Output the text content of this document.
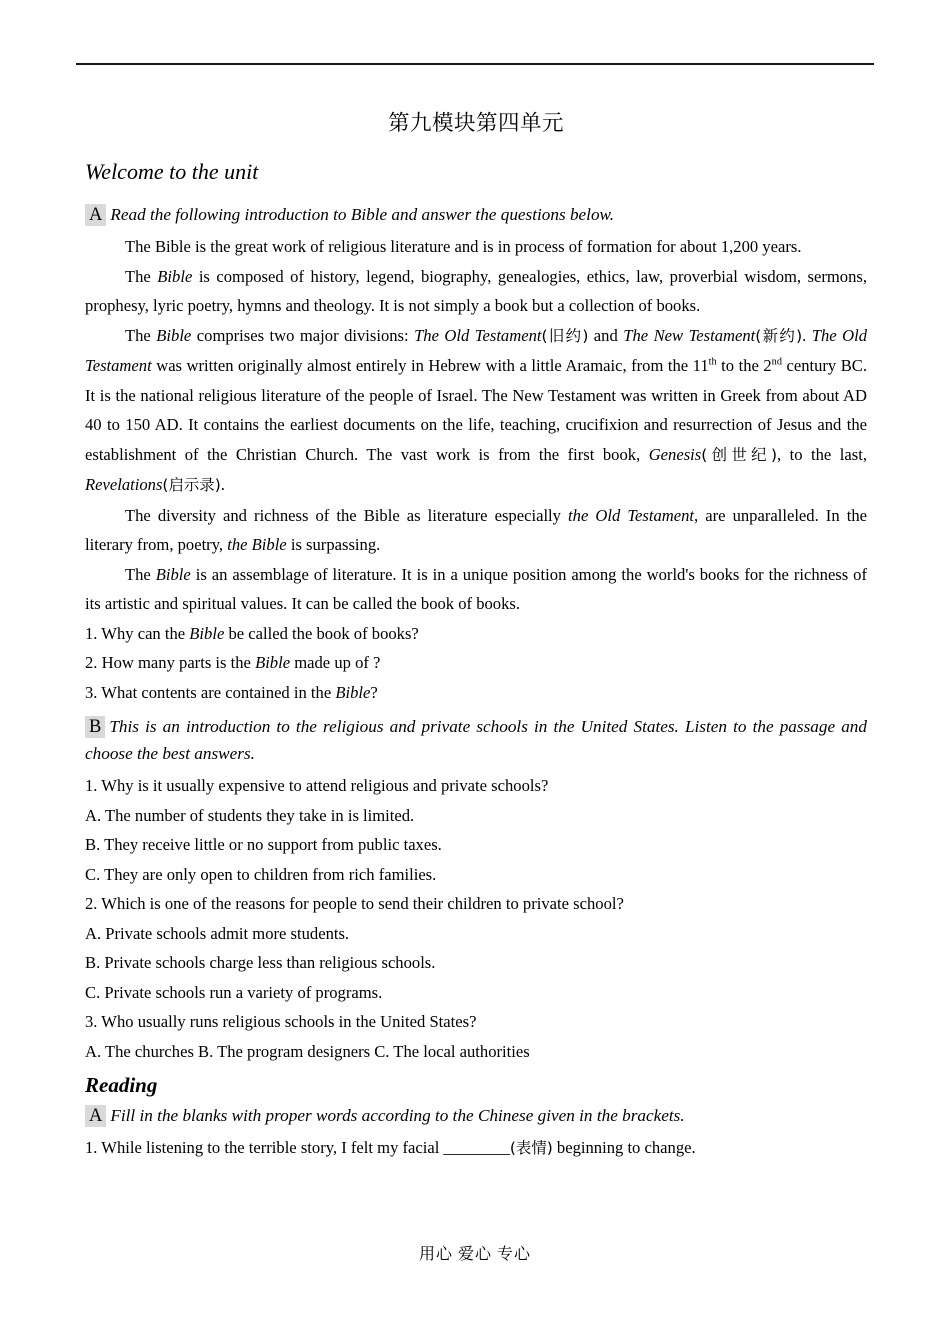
第九模块第四单元
Welcome to the unit
A Read the following introduction to Bible and answer the questions below.

The Bible is the great work of religious literature and is in process of formation for about 1,200 years.

The Bible is composed of history, legend, biography, genealogies, ethics, law, proverbial wisdom, sermons, prophesy, lyric poetry, hymns and theology. It is not simply a book but a collection of books.

The Bible comprises two major divisions: The Old Testament(旧约) and The New Testament(新约). The Old Testament was written originally almost entirely in Hebrew with a little Aramaic, from the 11th to the 2nd century BC. It is the national religious literature of the people of Israel. The New Testament was written in Greek from about AD 40 to 150 AD. It contains the earliest documents on the life, teaching, crucifixion and resurrection of Jesus and the establishment of the Christian Church. The vast work is from the first book, Genesis(创世纪), to the last, Revelations(启示录).

The diversity and richness of the Bible as literature especially the Old Testament, are unparalleled. In the literary from, poetry, the Bible is surpassing.

The Bible is an assemblage of literature. It is in a unique position among the world's books for the richness of its artistic and spiritual values. It can be called the book of books.

1. Why can the Bible be called the book of books?

2. How many parts is the Bible made up of ?

3. What contents are contained in the Bible?

B This is an introduction to the religious and private schools in the United States. Listen to the passage and choose the best answers.

1. Why is it usually expensive to attend religious and private schools?

A. The number of students they take in is limited.

B. They receive little or no support from public taxes.

C. They are only open to children from rich families.

2. Which is one of the reasons for people to send their children to private school?

A. Private schools admit more students.

B. Private schools charge less than religious schools.

C. Private schools run a variety of programs.

3. Who usually runs religious schools in the United States?

A. The churches B. The program designers C. The local authorities

Reading
A Fill in the blanks with proper words according to the Chinese given in the brackets.

1. While listening to the terrible story, I felt my facial ________(表情) beginning to change.

用心 爱心 专心
